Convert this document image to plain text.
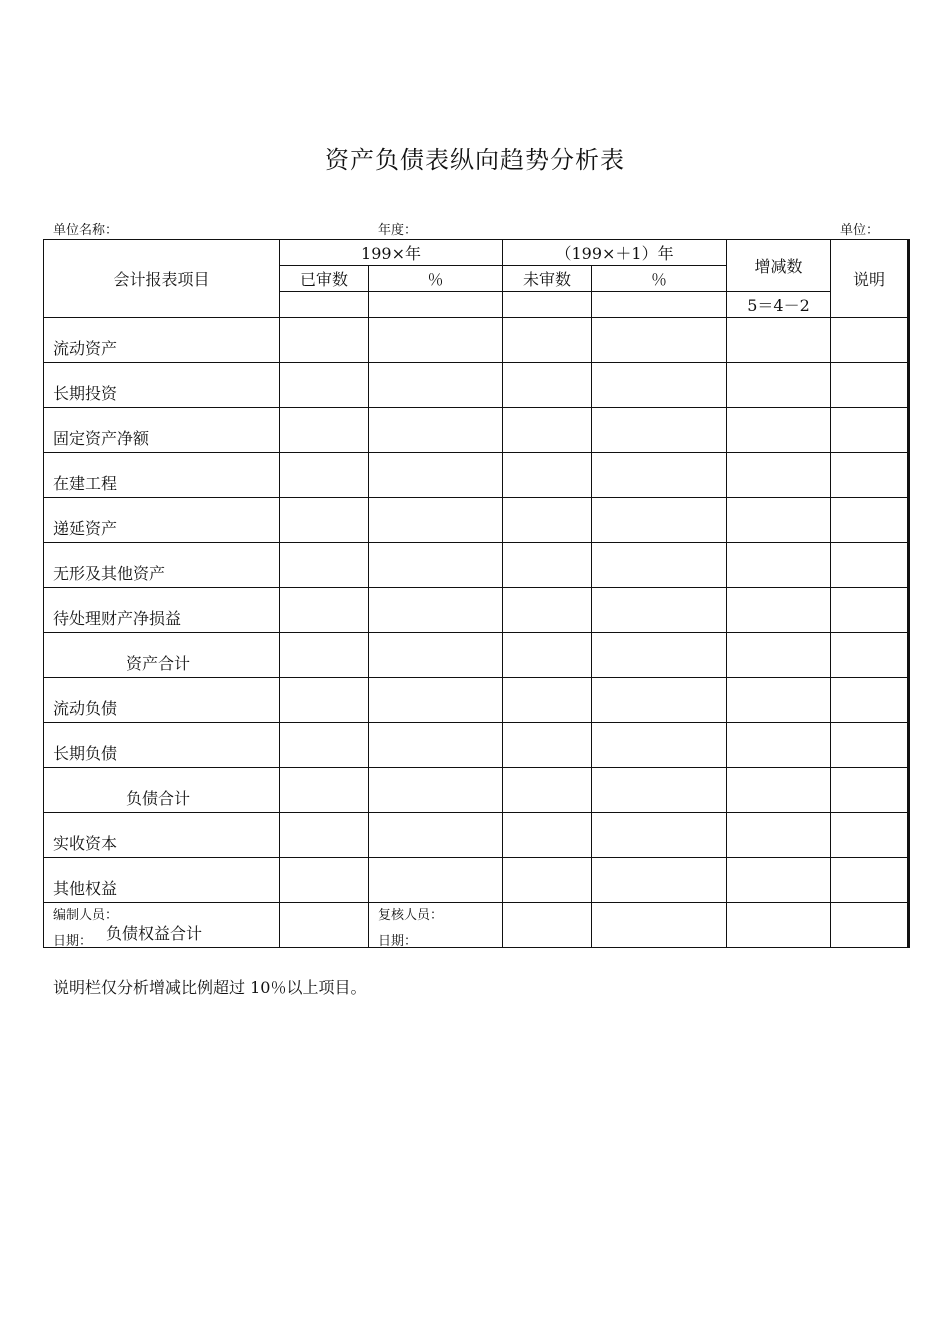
资产负债表纵向趋势分析表
单位名称：	年度：	单位：
会计报表项目	199×年		（199×＋1）年		增减数	说明
	已审数	％	未审数	％		
					5＝4－2	
流动资产						
长期投资						
固定资产净额						
在建工程						
递延资产						
无形及其他资产						
待处理财产净损益						
资产合计						
流动负债						
长期负债						
负债合计						
实收资本						
其他权益						
负债权益合计						
编制人员：	复核人员：
日期：	日期：
说明栏仅分析增减比例超过 10％以上项目。
